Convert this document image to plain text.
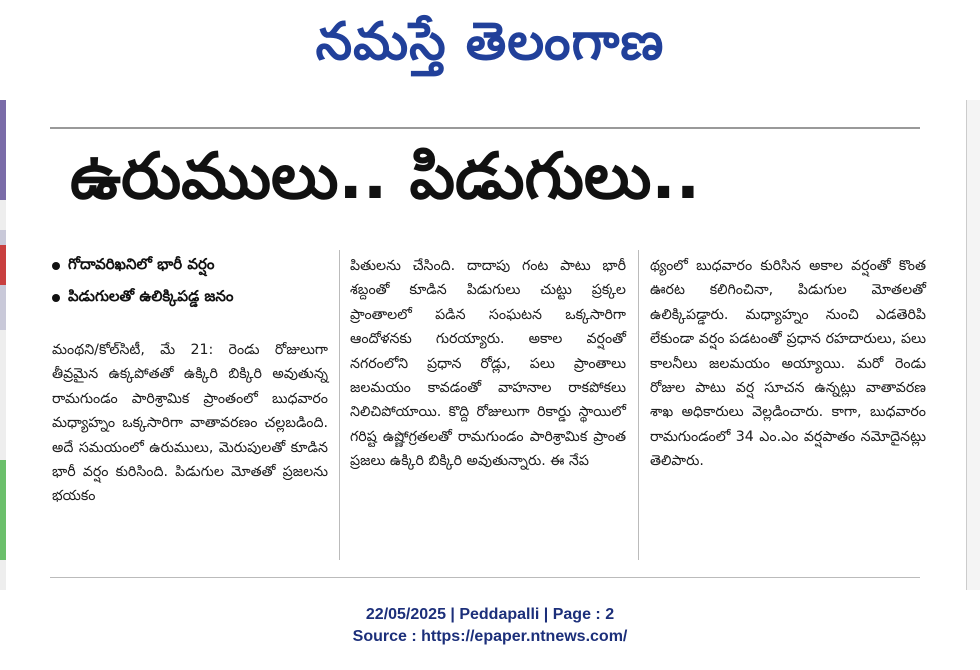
నమస్తే తెలంగాణ
ఉరుములు.. పిడుగులు..
గోదావరిఖనిలో భారీ వర్షం
పిడుగులతో ఉలిక్కిపడ్డ జనం

మంథని/కోల్‌సిటీ, మే 21: రెండు రోజులుగా తీవ్రమైన ఉక్కపోతతో ఉక్కిరి బిక్కిరి అవుతున్న రామగుండం పారిశ్రామిక ప్రాంతంలో బుధవారం మధ్యాహ్నం ఒక్కసారిగా వాతావరణం చల్లబడింది. అదే సమయంలో ఉరుములు, మెరుపులతో కూడిన భారీ వర్షం కురిసింది. పిడుగుల మోతతో ప్రజలను భయకం

పితులను చేసింది. దాదాపు గంట పాటు భారీ శబ్దంతో కూడిన పిడుగులు చుట్టు ప్రక్కల ప్రాంతాలలో పడిన సంఘటన ఒక్కసారిగా ఆందోళనకు గురయ్యారు. అకాల వర్షంతో నగరంలోని ప్రధాన రోడ్లు, పలు ప్రాంతాలు జలమయం కావడంతో వాహనాల రాకపోకలు నిలిచిపోయాయి. కొద్ది రోజులుగా రికార్డు స్థాయిలో గరిష్ట ఉష్ణోగ్రతలతో రామగుండం పారిశ్రామిక ప్రాంత ప్రజలు ఉక్కిరి బిక్కిరి అవుతున్నారు. ఈ నేప

థ్యంలో బుధవారం కురిసిన అకాల వర్షంతో కొంత ఊరట కలిగించినా, పిడుగుల మోతలతో ఉలిక్కిపడ్డారు. మధ్యాహ్నం నుంచి ఎడతెరిపి లేకుండా వర్షం పడటంతో ప్రధాన రహదారులు, పలు కాలనీలు జలమయం అయ్యాయి. మరో రెండు రోజుల పాటు వర్ష సూచన ఉన్నట్లు వాతావరణ శాఖ అధికారులు వెల్లడించారు. కాగా, బుధవారం రామగుండంలో 34 ఎం.ఎం వర్షపాతం నమోదైనట్లు తెలిపారు.

22/05/2025 | Peddapalli | Page : 2
Source : https://epaper.ntnews.com/
